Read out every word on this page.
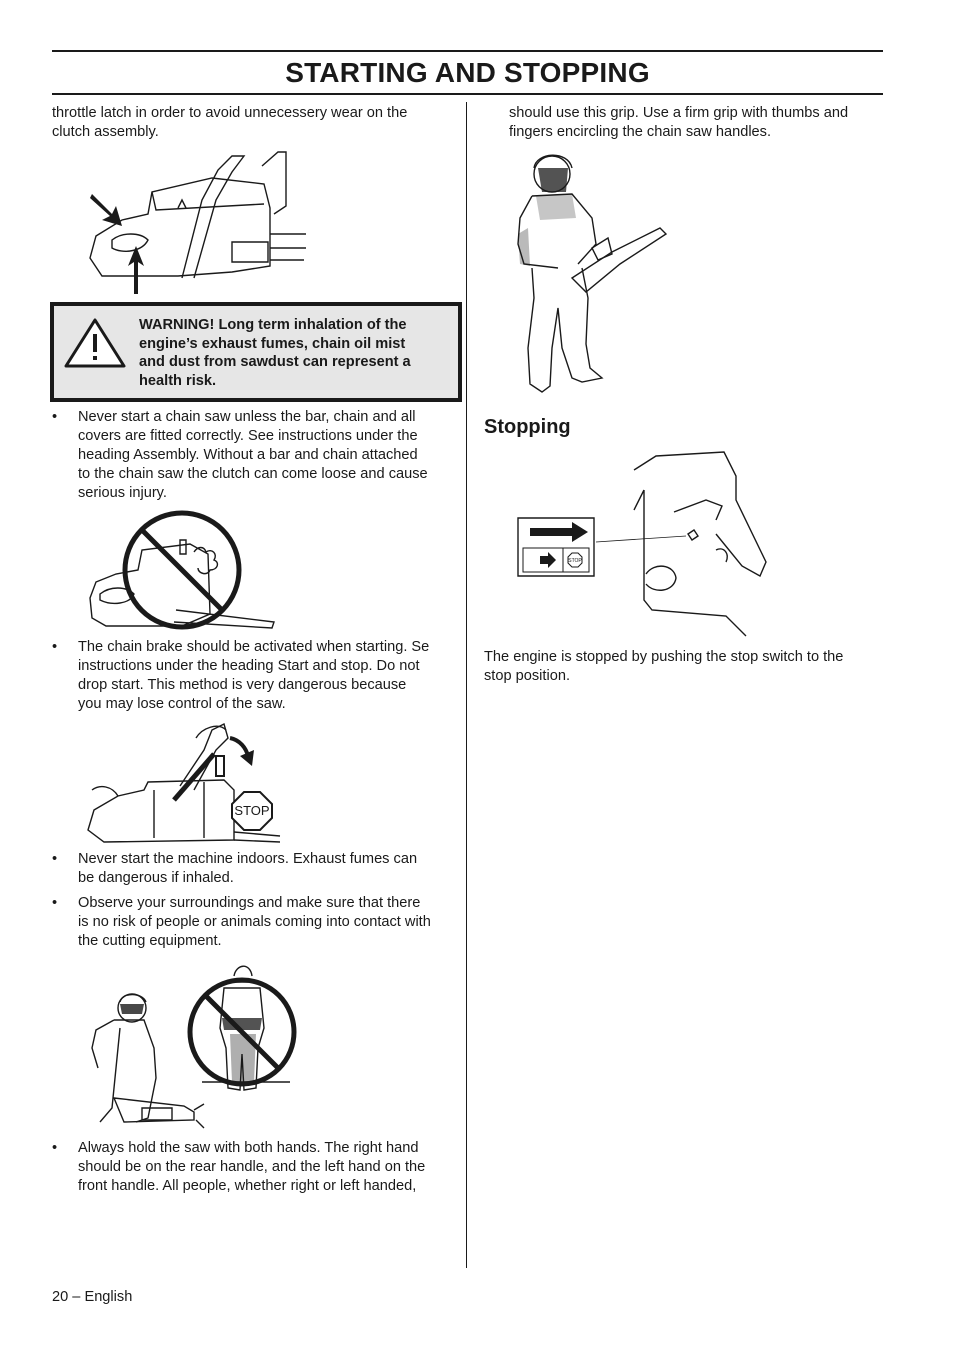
STARTING AND STOPPING
throttle latch in order to avoid unnecessery wear on the
clutch assembly.
WARNING! Long term inhalation of the
engine’s exhaust fumes, chain oil mist
and dust from sawdust can represent a
health risk.
• Never start a chain saw unless the bar, chain and all
covers are fitted correctly. See instructions under the
heading Assembly. Without a bar and chain attached
to the chain saw the clutch can come loose and cause
serious injury.
• The chain brake should be activated when starting. Se
instructions under the heading Start and stop. Do not
drop start. This method is very dangerous because
you may lose control of the saw.
STOP
• Never start the machine indoors. Exhaust fumes can
be dangerous if inhaled.
• Observe your surroundings and make sure that there
is no risk of people or animals coming into contact with
the cutting equipment.
• Always hold the saw with both hands. The right hand
should be on the rear handle, and the left hand on the
front handle. All people, whether right or left handed,
should use this grip. Use a firm grip with thumbs and
fingers encircling the chain saw handles.
Stopping
STOP
The engine is stopped by pushing the stop switch to the
stop position.
20 – English
